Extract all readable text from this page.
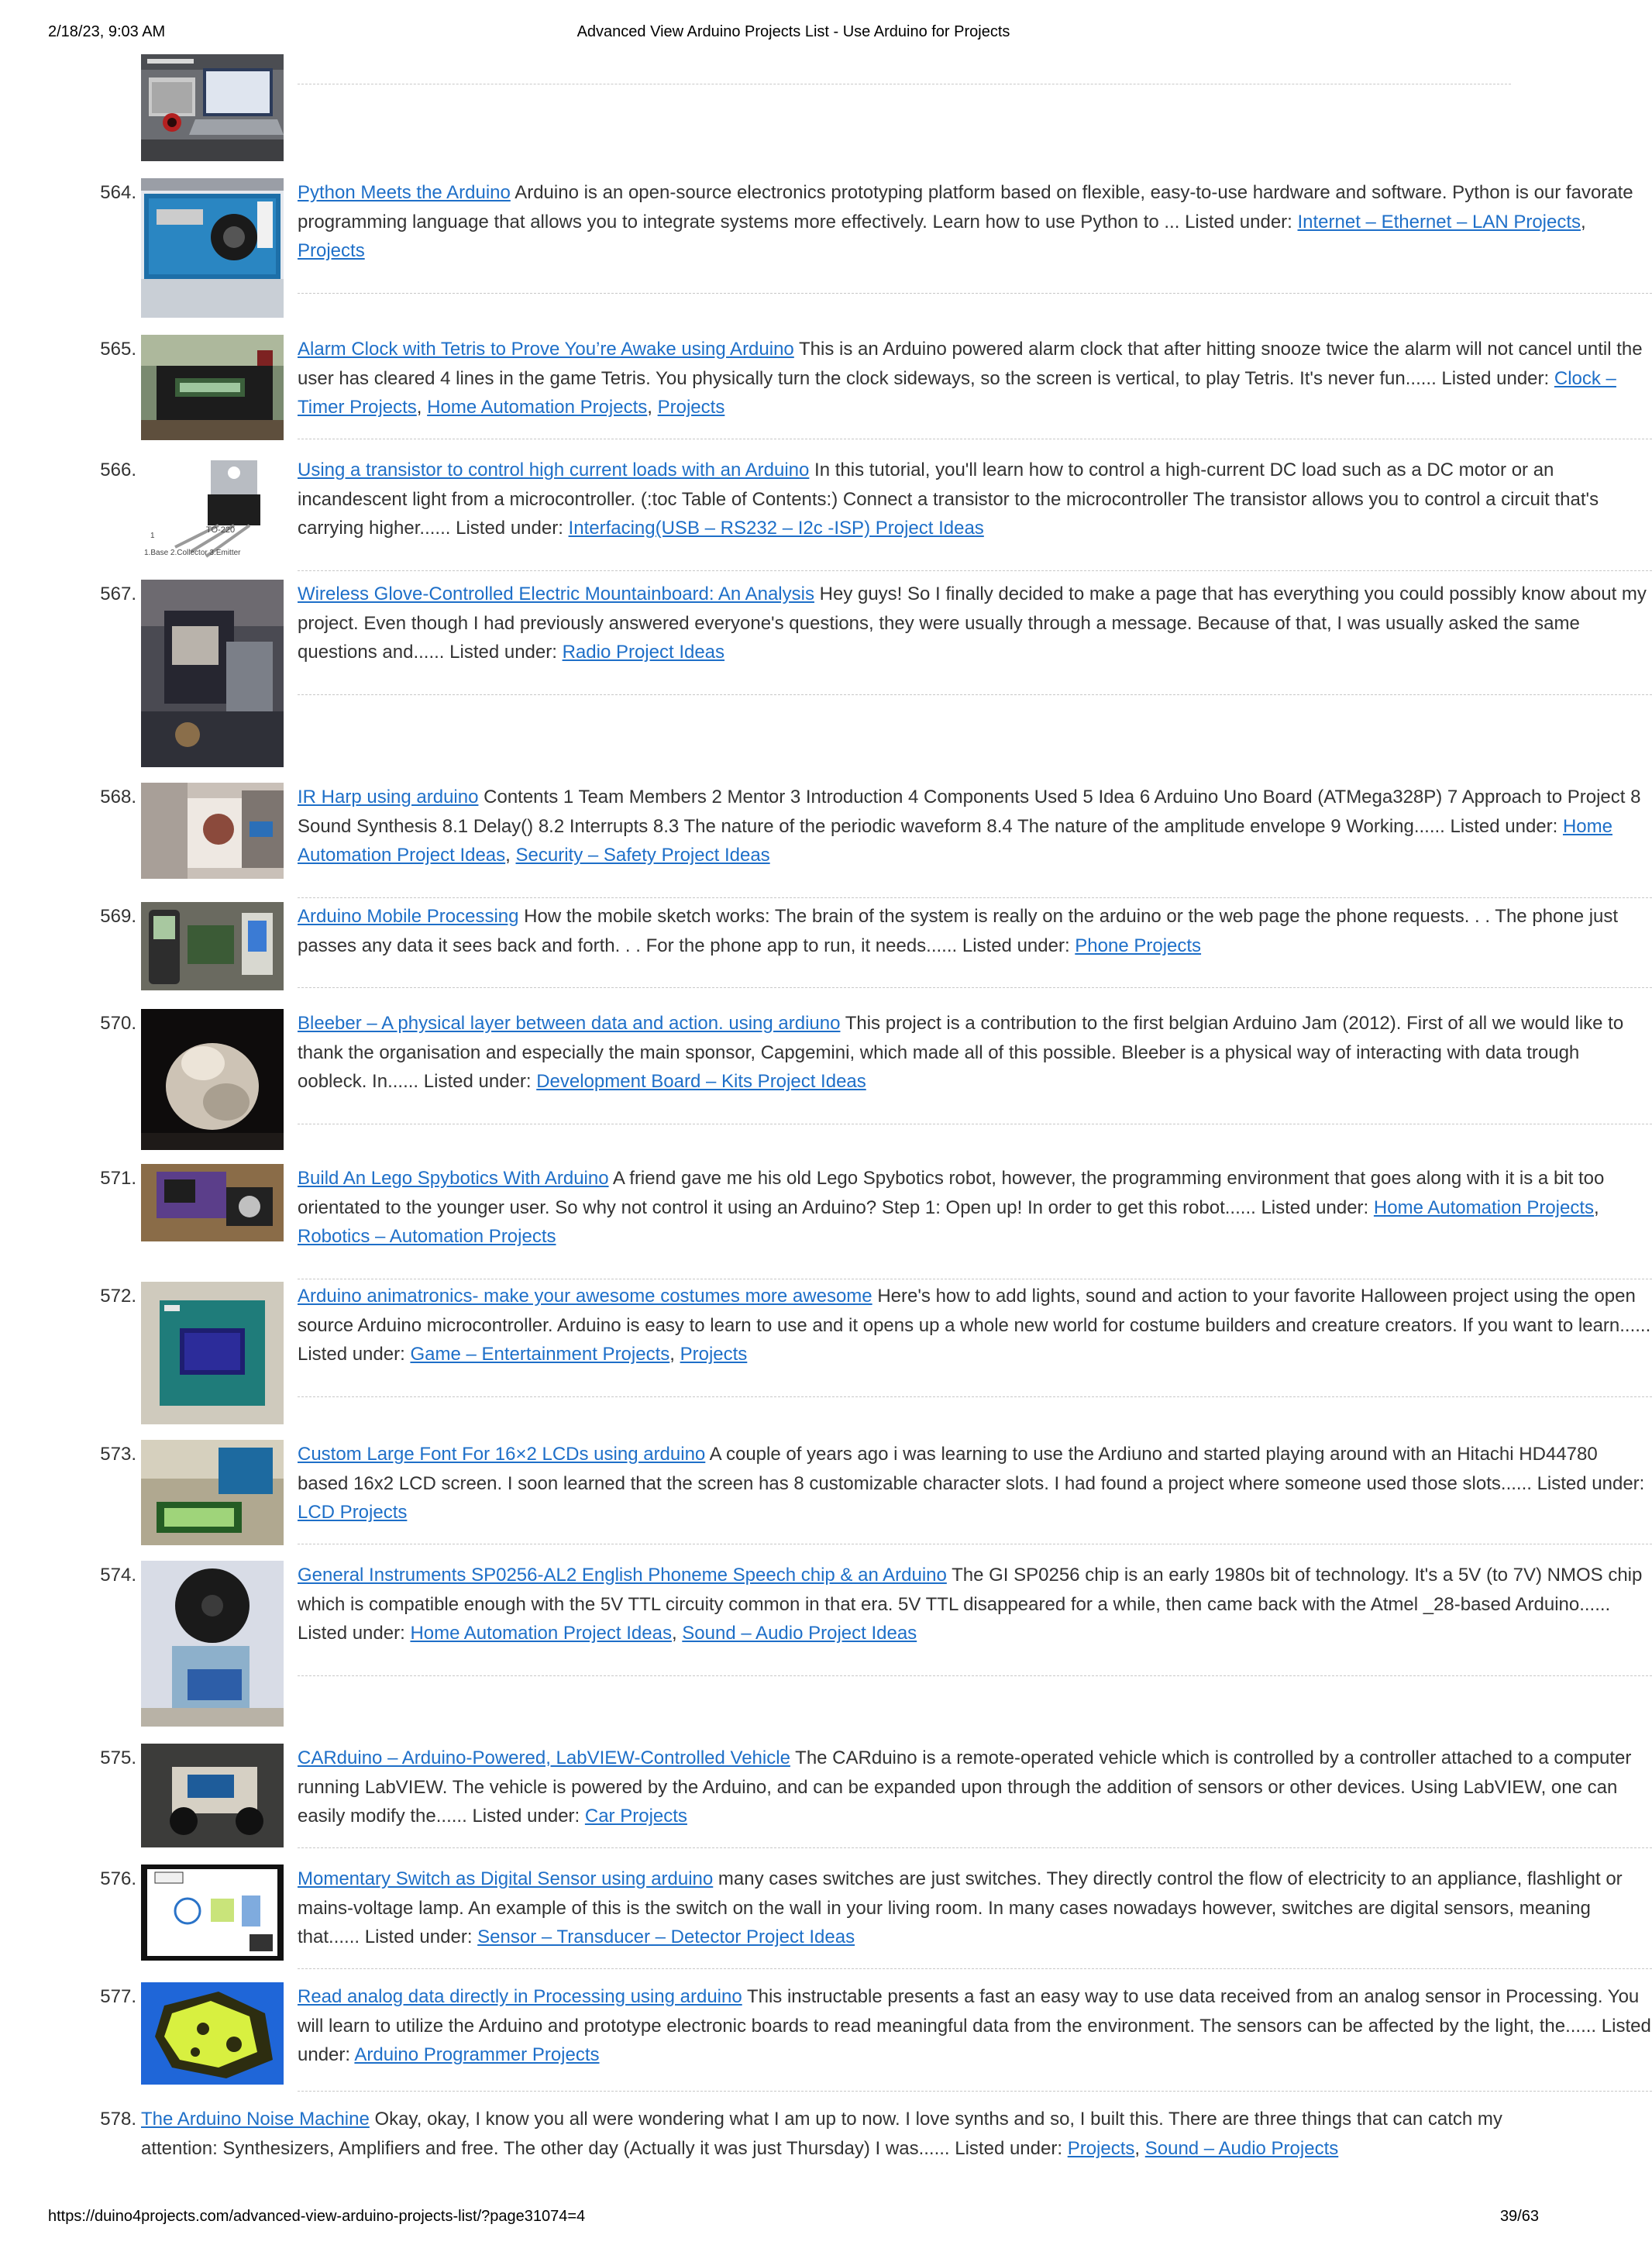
2/18/23, 9:03 AM	Advanced View Arduino Projects List - Use Arduino for Projects
564.	Python Meets the Arduino Arduino is an open-source electronics prototyping platform based on flexible, easy-to-use hardware and software. Python is our favorate programming language that allows you to integrate systems more effectively. Learn how to use Python to ... Listed under: Internet – Ethernet – LAN Projects, Projects
565.	Alarm Clock with Tetris to Prove You’re Awake using Arduino This is an Arduino powered alarm clock that after hitting snooze twice the alarm will not cancel until the user has cleared 4 lines in the game Tetris. You physically turn the clock sideways, so the screen is vertical, to play Tetris. It's never fun...... Listed under: Clock – Timer Projects, Home Automation Projects, Projects
566.
TO-220
1
1.Base 2.Collector 3.Emitter
Using a transistor to control high current loads with an Arduino In this tutorial, you'll learn how to control a high-current DC load such as a DC motor or an incandescent light from a microcontroller. (:toc Table of Contents:) Connect a transistor to the microcontroller The transistor allows you to control a circuit that's carrying higher...... Listed under: Interfacing(USB – RS232 – I2c -ISP) Project Ideas
567.	Wireless Glove-Controlled Electric Mountainboard: An Analysis Hey guys! So I finally decided to make a page that has everything you could possibly know about my project. Even though I had previously answered everyone's questions, they were usually through a message. Because of that, I was usually asked the same questions and...... Listed under: Radio Project Ideas
568.	IR Harp using arduino Contents 1 Team Members 2 Mentor 3 Introduction 4 Components Used 5 Idea 6 Arduino Uno Board (ATMega328P) 7 Approach to Project 8 Sound Synthesis 8.1 Delay() 8.2 Interrupts 8.3 The nature of the periodic waveform 8.4 The nature of the amplitude envelope 9 Working...... Listed under: Home Automation Project Ideas, Security – Safety Project Ideas
569.	Arduino Mobile Processing How the mobile sketch works: The brain of the system is really on the arduino or the web page the phone requests. . . The phone just passes any data it sees back and forth. . . For the phone app to run, it needs...... Listed under: Phone Projects
570.	Bleeber – A physical layer between data and action. using ardiuno This project is a contribution to the first belgian Arduino Jam (2012). First of all we would like to thank the organisation and especially the main sponsor, Capgemini, which made all of this possible. Bleeber is a physical way of interacting with data trough oobleck. In...... Listed under: Development Board – Kits Project Ideas
571.	Build An Lego Spybotics With Arduino A friend gave me his old Lego Spybotics robot, however, the programming environment that goes along with it is a bit too orientated to the younger user. So why not control it using an Arduino? Step 1: Open up! In order to get this robot...... Listed under: Home Automation Projects, Robotics – Automation Projects
572.	Arduino animatronics- make your awesome costumes more awesome Here's how to add lights, sound and action to your favorite Halloween project using the open source Arduino microcontroller. Arduino is easy to learn to use and it opens up a whole new world for costume builders and creature creators. If you want to learn...... Listed under: Game – Entertainment Projects, Projects
573.	Custom Large Font For 16×2 LCDs using arduino A couple of years ago i was learning to use the Ardiuno and started playing around with an Hitachi HD44780 based 16x2 LCD screen. I soon learned that the screen has 8 customizable character slots. I had found a project where someone used those slots...... Listed under: LCD Projects
574.	General Instruments SP0256-AL2 English Phoneme Speech chip & an Arduino The GI SP0256 chip is an early 1980s bit of technology. It's a 5V (to 7V) NMOS chip which is compatible enough with the 5V TTL circuity common in that era. 5V TTL disappeared for a while, then came back with the Atmel _28-based Arduino...... Listed under: Home Automation Project Ideas, Sound – Audio Project Ideas
575.	CARduino – Arduino-Powered, LabVIEW-Controlled Vehicle The CARduino is a remote-operated vehicle which is controlled by a controller attached to a computer running LabVIEW. The vehicle is powered by the Arduino, and can be expanded upon through the addition of sensors or other devices. Using LabVIEW, one can easily modify the...... Listed under: Car Projects
576.	Momentary Switch as Digital Sensor using arduino many cases switches are just switches. They directly control the flow of electricity to an appliance, flashlight or mains-voltage lamp. An example of this is the switch on the wall in your living room. In many cases nowadays however, switches are digital sensors, meaning that...... Listed under: Sensor – Transducer – Detector Project Ideas
577.	Read analog data directly in Processing using arduino This instructable presents a fast an easy way to use data received from an analog sensor in Processing. You will learn to utilize the Arduino and prototype electronic boards to read meaningful data from the environment. The sensors can be affected by the light, the...... Listed under: Arduino Programmer Projects
578. The Arduino Noise Machine Okay, okay, I know you all were wondering what I am up to now. I love synths and so, I built this. There are three things that can catch my attention: Synthesizers, Amplifiers and free. The other day (Actually it was just Thursday) I was...... Listed under: Projects, Sound – Audio Projects
https://duino4projects.com/advanced-view-arduino-projects-list/?page31074=4	39/63
